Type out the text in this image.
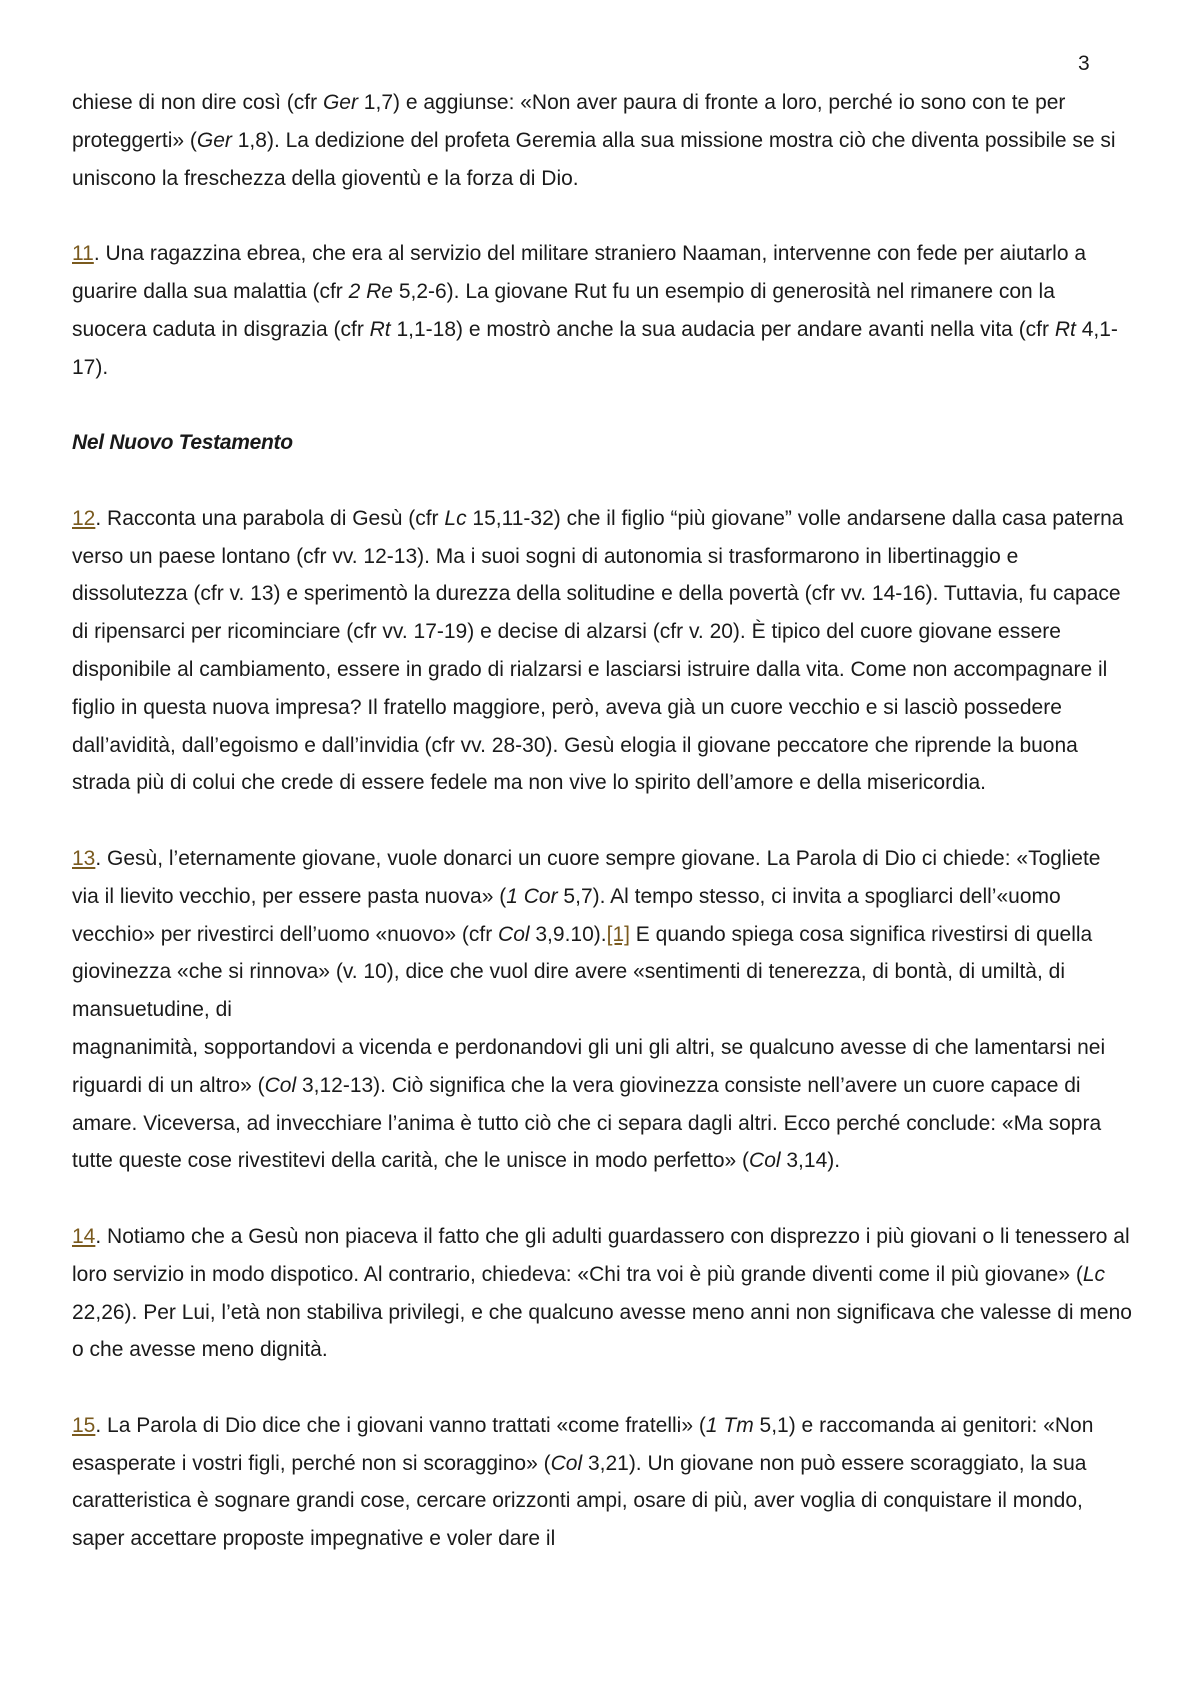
3

chiese di non dire così (cfr Ger 1,7) e aggiunse: «Non aver paura di fronte a loro, perché io sono con te per proteggerti» (Ger 1,8). La dedizione del profeta Geremia alla sua missione mostra ciò che diventa possibile se si uniscono la freschezza della gioventù e la forza di Dio.

11. Una ragazzina ebrea, che era al servizio del militare straniero Naaman, intervenne con fede per aiutarlo a guarire dalla sua malattia (cfr 2 Re 5,2-6). La giovane Rut fu un esempio di generosità nel rimanere con la suocera caduta in disgrazia (cfr Rt 1,1-18) e mostrò anche la sua audacia per andare avanti nella vita (cfr Rt 4,1-17).

Nel Nuovo Testamento

12. Racconta una parabola di Gesù (cfr Lc 15,11-32) che il figlio “più giovane” volle andarsene dalla casa paterna verso un paese lontano (cfr vv. 12-13). Ma i suoi sogni di autonomia si trasformarono in libertinaggio e dissolutezza (cfr v. 13) e sperimentò la durezza della solitudine e della povertà (cfr vv. 14-16). Tuttavia, fu capace di ripensarci per ricominciare (cfr vv. 17-19) e decise di alzarsi (cfr v. 20). È tipico del cuore giovane essere disponibile al cambiamento, essere in grado di rialzarsi e lasciarsi istruire dalla vita. Come non accompagnare il figlio in questa nuova impresa? Il fratello maggiore, però, aveva già un cuore vecchio e si lasciò possedere dall’avidità, dall’egoismo e dall’invidia (cfr vv. 28-30). Gesù elogia il giovane peccatore che riprende la buona strada più di colui che crede di essere fedele ma non vive lo spirito dell’amore e della misericordia.

13. Gesù, l’eternamente giovane, vuole donarci un cuore sempre giovane. La Parola di Dio ci chiede: «Togliete via il lievito vecchio, per essere pasta nuova» (1 Cor 5,7). Al tempo stesso, ci invita a spogliarci dell’«uomo vecchio» per rivestirci dell’uomo «nuovo» (cfr Col 3,9.10).[1] E quando spiega cosa significa rivestirsi di quella giovinezza «che si rinnova» (v. 10), dice che vuol dire avere «sentimenti di tenerezza, di bontà, di umiltà, di mansuetudine, di
magnanimità, sopportandovi a vicenda e perdonandovi gli uni gli altri, se qualcuno avesse di che lamentarsi nei riguardi di un altro» (Col 3,12-13). Ciò significa che la vera giovinezza consiste nell’avere un cuore capace di amare. Viceversa, ad invecchiare l’anima è tutto ciò che ci separa dagli altri. Ecco perché conclude: «Ma sopra tutte queste cose rivestitevi della carità, che le unisce in modo perfetto» (Col 3,14).

14. Notiamo che a Gesù non piaceva il fatto che gli adulti guardassero con disprezzo i più giovani o li tenessero al loro servizio in modo dispotico. Al contrario, chiedeva: «Chi tra voi è più grande diventi come il più giovane» (Lc 22,26). Per Lui, l’età non stabiliva privilegi, e che qualcuno avesse meno anni non significava che valesse di meno o che avesse meno dignità.

15. La Parola di Dio dice che i giovani vanno trattati «come fratelli» (1 Tm 5,1) e raccomanda ai genitori: «Non esasperate i vostri figli, perché non si scoraggino» (Col 3,21). Un giovane non può essere scoraggiato, la sua caratteristica è sognare grandi cose, cercare orizzonti ampi, osare di più, aver voglia di conquistare il mondo, saper accettare proposte impegnative e voler dare il
